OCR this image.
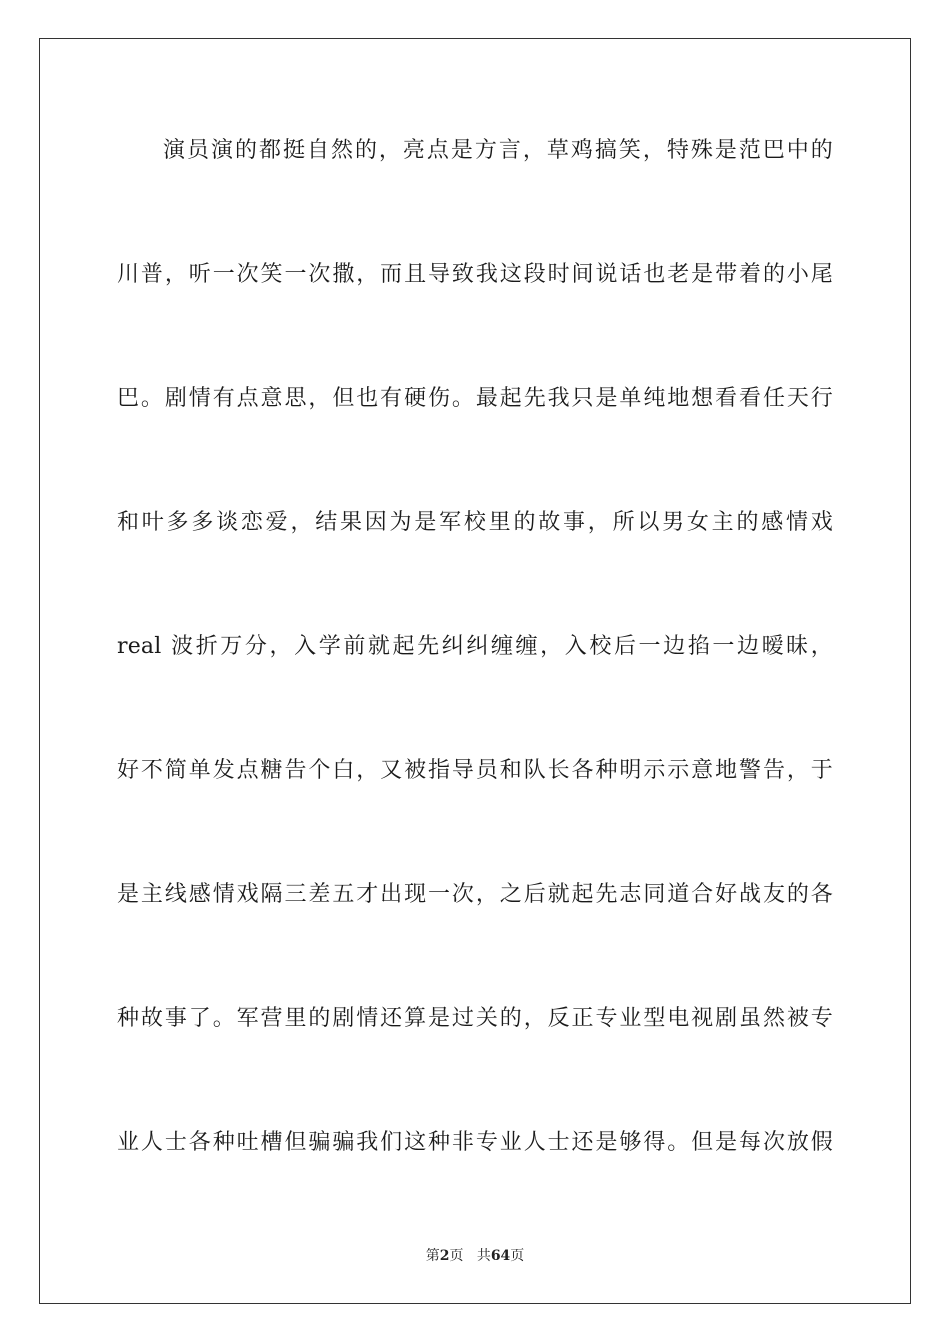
演员演的都挺自然的，亮点是方言，草鸡搞笑，特殊是范巴中的
川普，听一次笑一次撒，而且导致我这段时间说话也老是带着的小尾
巴。剧情有点意思，但也有硬伤。最起先我只是单纯地想看看任天行
和叶多多谈恋爱，结果因为是军校里的故事，所以男女主的感情戏
real 波折万分，入学前就起先纠纠缠缠，入校后一边掐一边暧昧，
好不简单发点糖告个白，又被指导员和队长各种明示示意地警告，于
是主线感情戏隔三差五才出现一次，之后就起先志同道合好战友的各
种故事了。军营里的剧情还算是过关的，反正专业型电视剧虽然被专
业人士各种吐槽但骗骗我们这种非专业人士还是够得。但是每次放假
第2页 共64页
